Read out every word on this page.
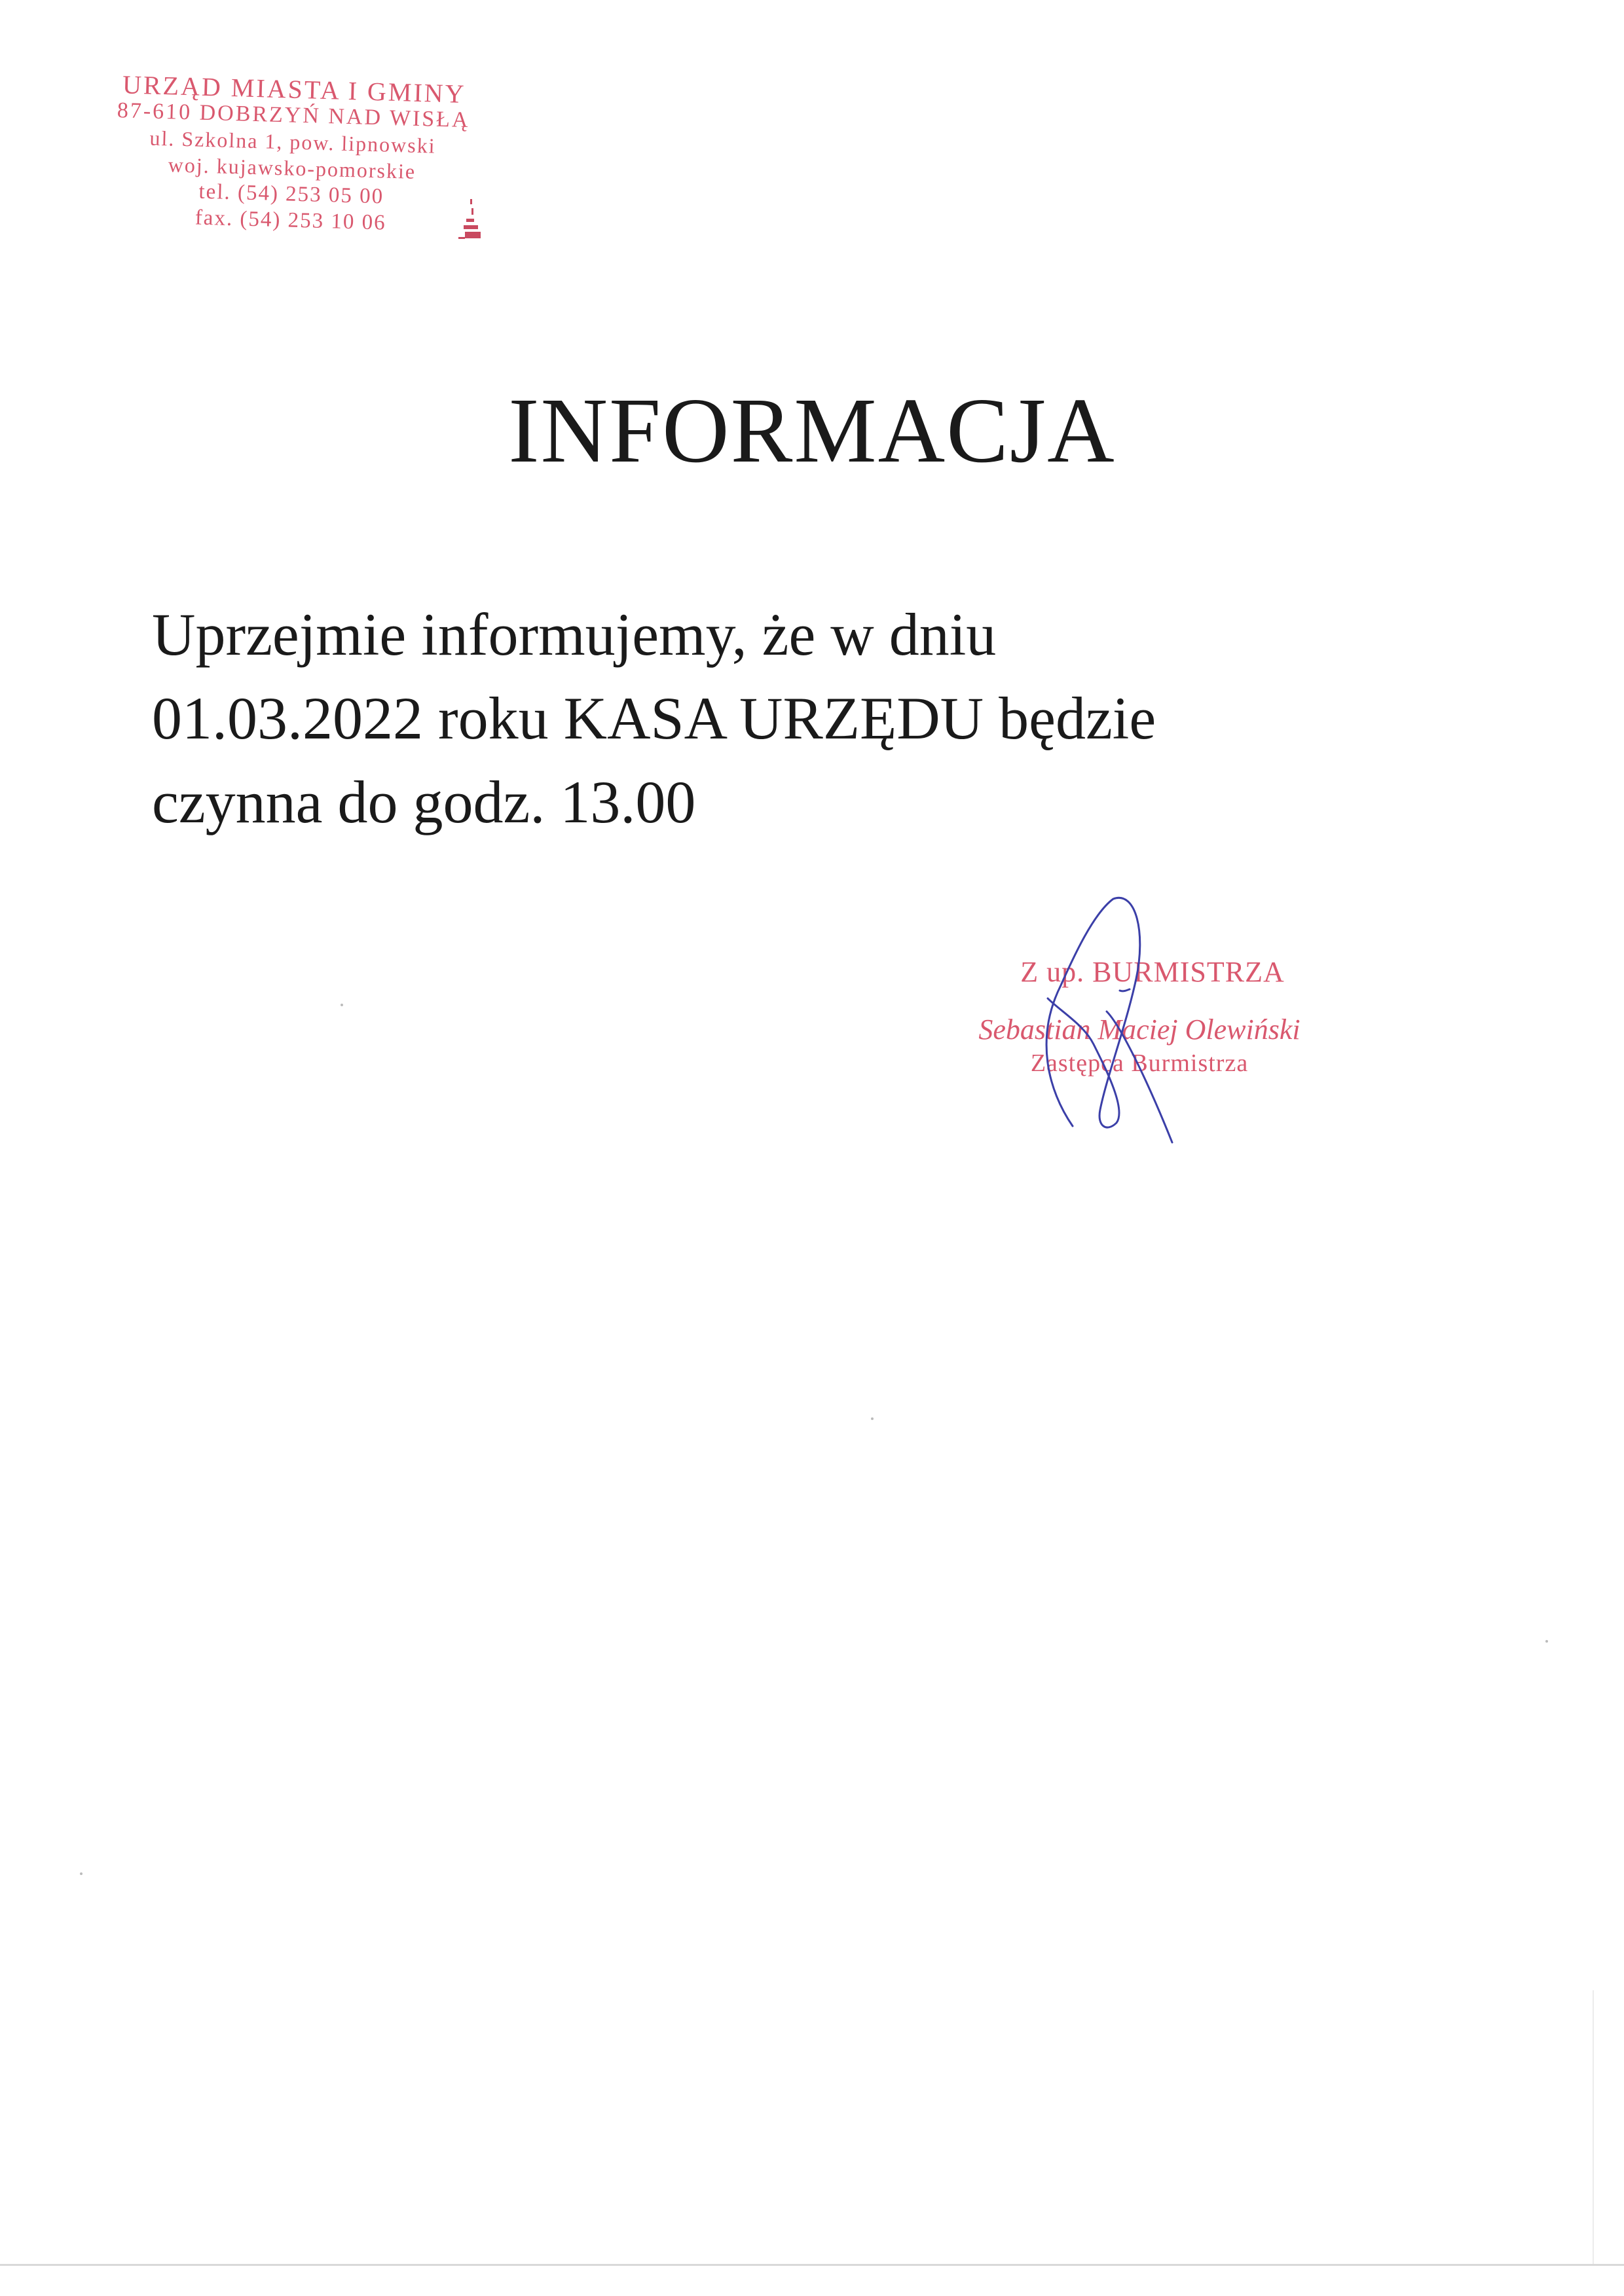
URZĄD MIASTA I GMINY
87-610 DOBRZYŃ NAD WISŁĄ
ul. Szkolna 1, pow. lipnowski
woj. kujawsko-pomorskie
tel. (54) 253 05 00
fax. (54) 253 10 06
INFORMACJA

Uprzejmie informujemy, że w dniu
01.03.2022 roku KASA URZĘDU będzie
czynna do godz. 13.00

Z up. BURMISTRZA
Sebastian Maciej Olewiński
Zastępca Burmistrza
